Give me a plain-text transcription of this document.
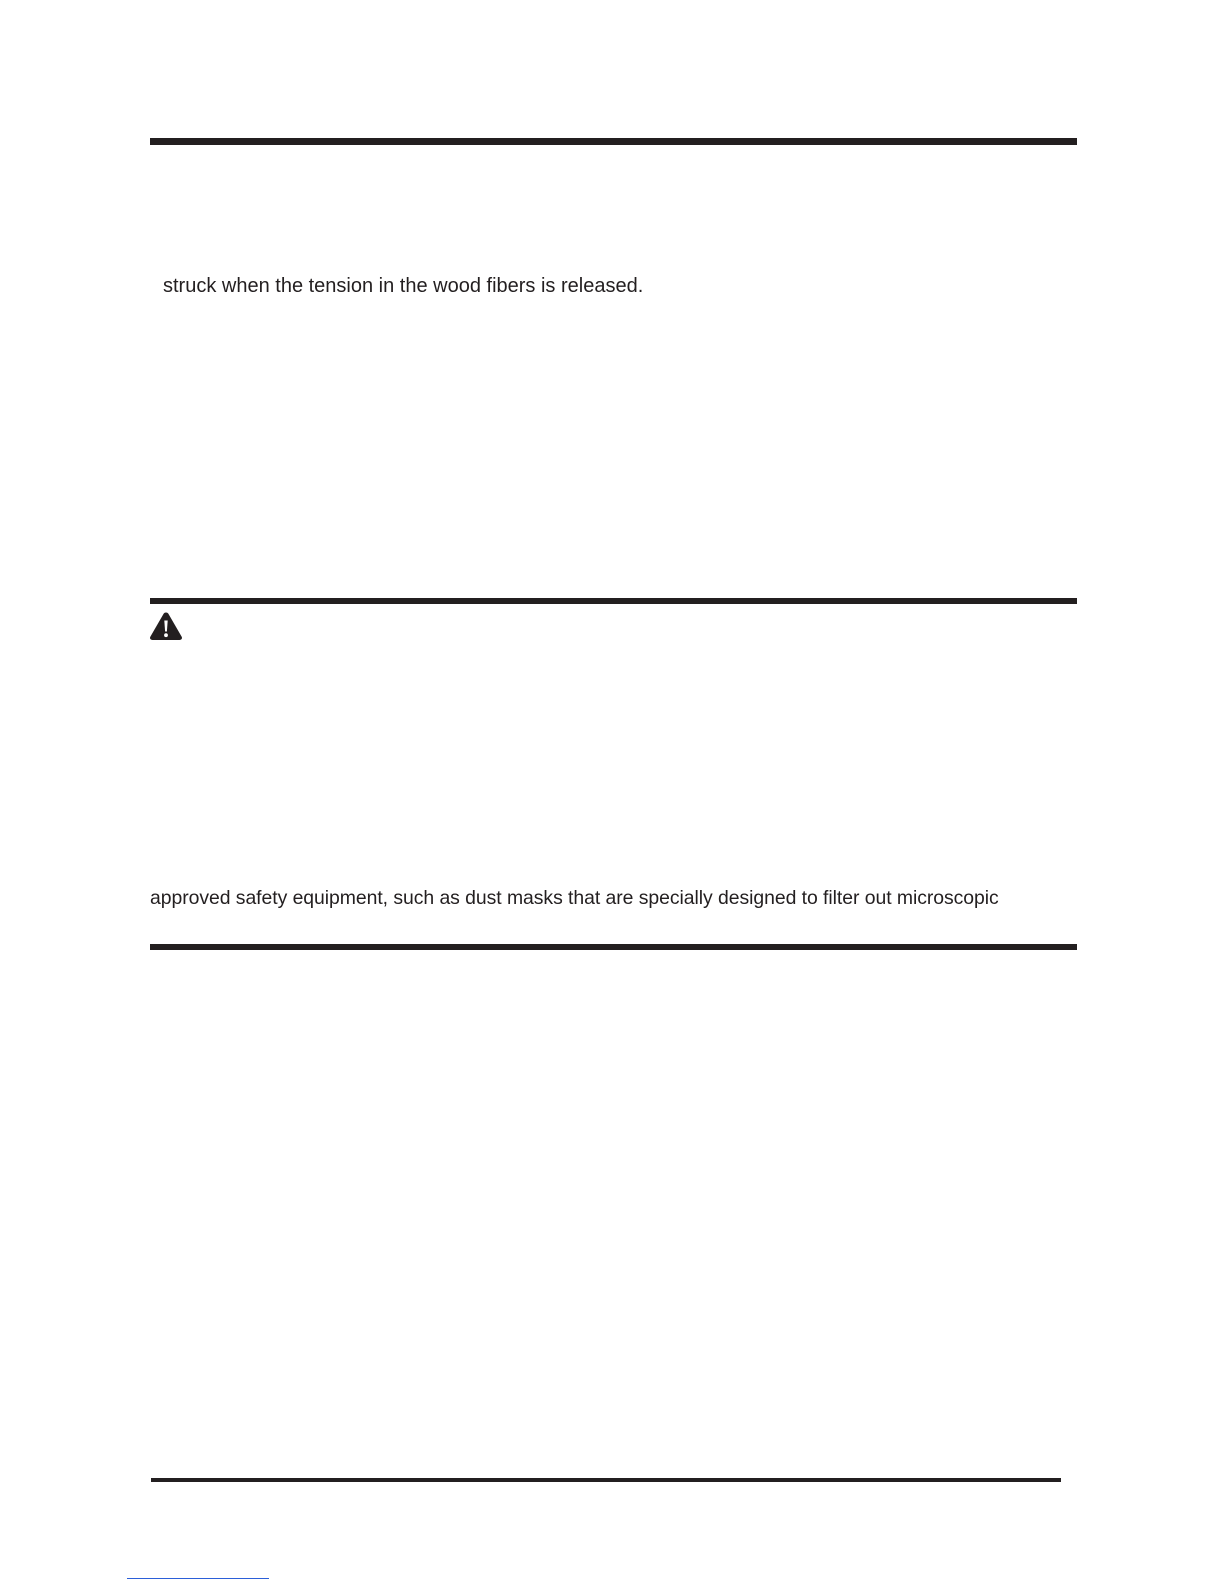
struck when the tension in the wood fibers is released.
approved safety equipment, such as dust masks that are specially designed to filter out microscopic
